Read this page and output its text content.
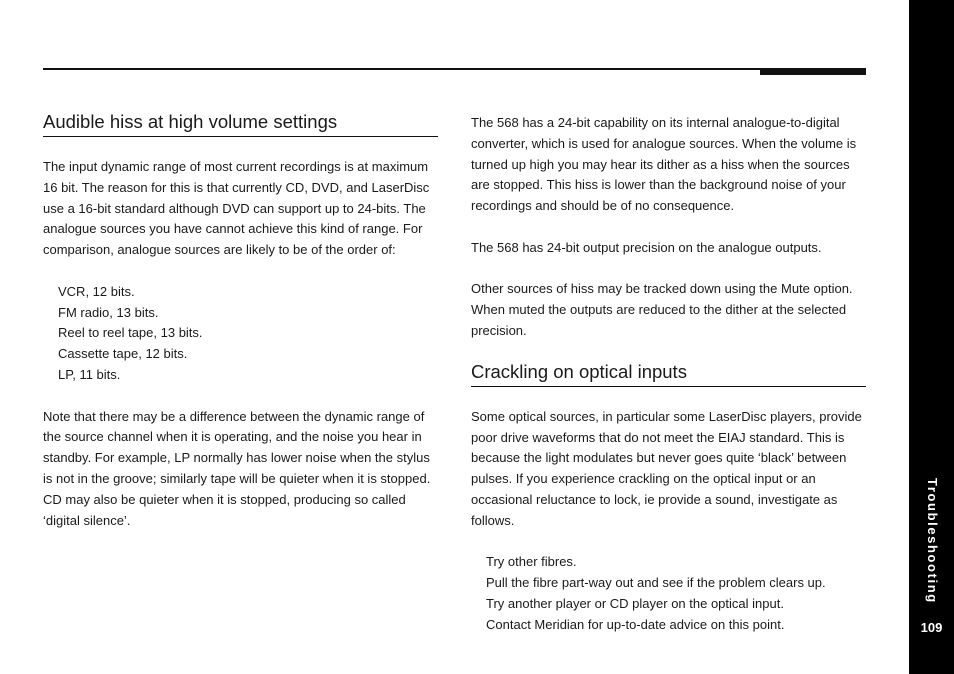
Audible hiss at high volume settings

The input dynamic range of most current recordings is at maximum 16 bit. The reason for this is that currently CD, DVD, and LaserDisc use a 16-bit standard although DVD can support up to 24-bits. The analogue sources you have cannot achieve this kind of range. For comparison, analogue sources are likely to be of the order of:

VCR, 12 bits.
FM radio, 13 bits.
Reel to reel tape, 13 bits.
Cassette tape, 12 bits.
LP, 11 bits.

Note that there may be a difference between the dynamic range of the source channel when it is operating, and the noise you hear in standby. For example, LP normally has lower noise when the stylus is not in the groove; similarly tape will be quieter when it is stopped. CD may also be quieter when it is stopped, producing so called ‘digital silence’.

The 568 has a 24-bit capability on its internal analogue-to-digital converter, which is used for analogue sources. When the volume is turned up high you may hear its dither as a hiss when the sources are stopped. This hiss is lower than the background noise of your recordings and should be of no consequence.

The 568 has 24-bit output precision on the analogue outputs.

Other sources of hiss may be tracked down using the Mute option. When muted the outputs are reduced to the dither at the selected precision.

Crackling on optical inputs

Some optical sources, in particular some LaserDisc players, provide poor drive waveforms that do not meet the EIAJ standard. This is because the light modulates but never goes quite ‘black’ between pulses. If you experience crackling on the optical input or an occasional reluctance to lock, ie provide a sound, investigate as follows.

Try other fibres.
Pull the fibre part-way out and see if the problem clears up.
Try another player or CD player on the optical input.
Contact Meridian for up-to-date advice on this point.
Troubleshooting
109
